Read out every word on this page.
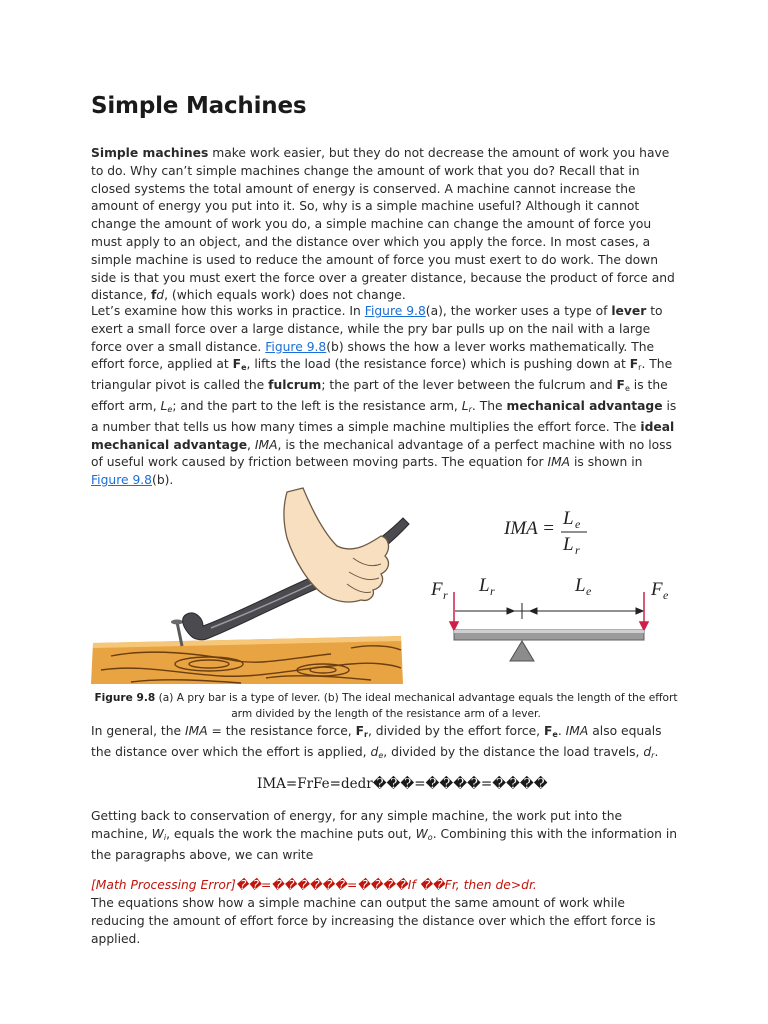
Simple Machines

Simple machines make work easier, but they do not decrease the amount of work you have to do. Why can’t simple machines change the amount of work that you do? Recall that in closed systems the total amount of energy is conserved. A machine cannot increase the amount of energy you put into it. So, why is a simple machine useful? Although it cannot change the amount of work you do, a simple machine can change the amount of force you must apply to an object, and the distance over which you apply the force. In most cases, a simple machine is used to reduce the amount of force you must exert to do work. The down side is that you must exert the force over a greater distance, because the product of force and distance, fd, (which equals work) does not change.

Let’s examine how this works in practice. In Figure 9.8(a), the worker uses a type of lever to exert a small force over a large distance, while the pry bar pulls up on the nail with a large force over a small distance. Figure 9.8(b) shows the how a lever works mathematically. The effort force, applied at $F_e$, lifts the load (the resistance force) which is pushing down at $F_r$. The triangular pivot is called the fulcrum; the part of the lever between the fulcrum and $F_e$ is the effort arm, $L_e$; and the part to the left is the resistance arm, $L_r$. The mechanical advantage is a number that tells us how many times a simple machine multiplies the effort force. The ideal mechanical advantage, IMA, is the mechanical advantage of a perfect machine with no loss of useful work caused by friction between moving parts. The equation for IMA is shown in Figure 9.8(b).

IMA = L e
L r
F r L r	L e	F e
Figure 9.8 (a) A pry bar is a type of lever. (b) The ideal mechanical advantage equals the length of the effort arm divided by the length of the resistance arm of a lever.

In general, the IMA = the resistance force, $F_r$, divided by the effort force, $F_e$. IMA also equals the distance over which the effort is applied, $d_e$, divided by the distance the load travels, $d_r$.

IMA=FrFe=dedr���=����=����

Getting back to conservation of energy, for any simple machine, the work put into the machine, $W_i$, equals the work the machine puts out, $W_o$. Combining this with the information in the paragraphs above, we can write

[Math Processing Error]��=������=����If ��Fr, then de>dr.

The equations show how a simple machine can output the same amount of work while reducing the amount of effort force by increasing the distance over which the effort force is applied.
